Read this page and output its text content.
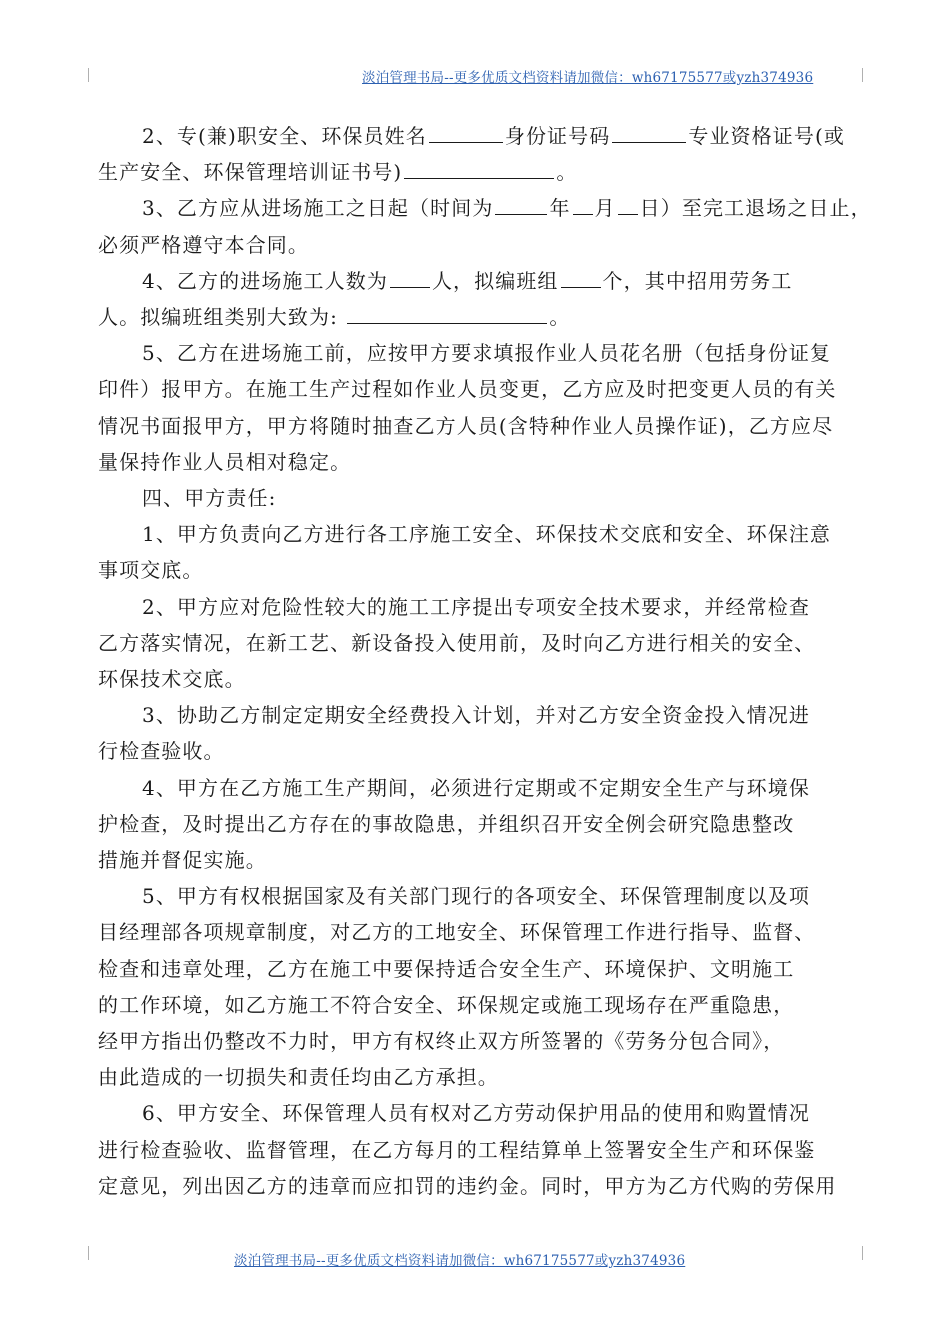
淡泊管理书局--更多优质文档资料请加微信：wh67175577或yzh374936

2、专(兼)职安全、环保员姓名	身份证号码	专业资格证号(或
生产安全、环保管理培训证书号)	。

3、乙方应从进场施工之日起（时间为	年 月 日）至完工退场之日止，
必须严格遵守本合同。

4、乙方的进场施工人数为 人，拟编班组 个，其中招用劳务工
人。拟编班组类别大致为:	。

5、乙方在进场施工前，应按甲方要求填报作业人员花名册（包括身份证复
印件）报甲方。在施工生产过程如作业人员变更，乙方应及时把变更人员的有关
情况书面报甲方，甲方将随时抽查乙方人员(含特种作业人员操作证)，乙方应尽
量保持作业人员相对稳定。

四、甲方责任:

1、甲方负责向乙方进行各工序施工安全、环保技术交底和安全、环保注意
事项交底。

2、甲方应对危险性较大的施工工序提出专项安全技术要求，并经常检查
乙方落实情况，在新工艺、新设备投入使用前，及时向乙方进行相关的安全、
环保技术交底。

3、协助乙方制定定期安全经费投入计划，并对乙方安全资金投入情况进
行检查验收。

4、甲方在乙方施工生产期间，必须进行定期或不定期安全生产与环境保
护检查，及时提出乙方存在的事故隐患，并组织召开安全例会研究隐患整改
措施并督促实施。

5、甲方有权根据国家及有关部门现行的各项安全、环保管理制度以及项
目经理部各项规章制度，对乙方的工地安全、环保管理工作进行指导、监督、
检查和违章处理，乙方在施工中要保持适合安全生产、环境保护、文明施工
的工作环境，如乙方施工不符合安全、环保规定或施工现场存在严重隐患，
经甲方指出仍整改不力时，甲方有权终止双方所签署的《劳务分包合同》，
由此造成的一切损失和责任均由乙方承担。

6、甲方安全、环保管理人员有权对乙方劳动保护用品的使用和购置情况
进行检查验收、监督管理，在乙方每月的工程结算单上签署安全生产和环保鉴
定意见，列出因乙方的违章而应扣罚的违约金。同时，甲方为乙方代购的劳保用

淡泊管理书局--更多优质文档资料请加微信：wh67175577或yzh374936
